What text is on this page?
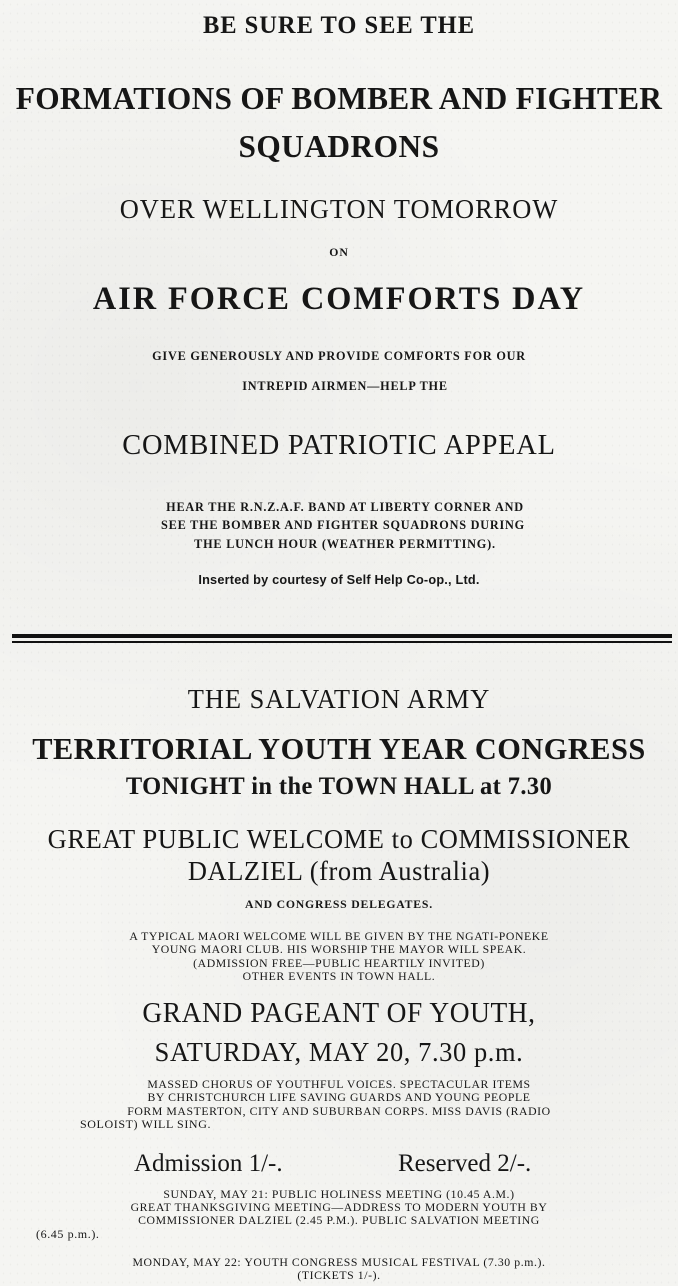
BE SURE TO SEE THE
FORMATIONS OF BOMBER AND FIGHTER
SQUADRONS
OVER WELLINGTON TOMORROW
ON
AIR FORCE COMFORTS DAY
GIVE GENEROUSLY AND PROVIDE COMFORTS FOR OUR
INTREPID AIRMEN—HELP THE
COMBINED PATRIOTIC APPEAL
HEAR THE R.N.Z.A.F. BAND AT LIBERTY CORNER AND
SEE THE BOMBER AND FIGHTER SQUADRONS DURING
THE LUNCH HOUR (WEATHER PERMITTING).
Inserted by courtesy of Self Help Co-op., Ltd.
THE SALVATION ARMY
TERRITORIAL YOUTH YEAR CONGRESS
TONIGHT in the TOWN HALL at 7.30
GREAT PUBLIC WELCOME to COMMISSIONER
DALZIEL (from Australia)
AND CONGRESS DELEGATES.
A TYPICAL MAORI WELCOME WILL BE GIVEN BY THE NGATI-PONEKE
YOUNG MAORI CLUB. HIS WORSHIP THE MAYOR WILL SPEAK.
(ADMISSION FREE—PUBLIC HEARTILY INVITED)
OTHER EVENTS IN TOWN HALL.
GRAND PAGEANT OF YOUTH,
SATURDAY, MAY 20, 7.30 p.m.
MASSED CHORUS OF YOUTHFUL VOICES. SPECTACULAR ITEMS
BY CHRISTCHURCH LIFE SAVING GUARDS AND YOUNG PEOPLE
FORM MASTERTON, CITY AND SUBURBAN CORPS. MISS DAVIS (RADIO
SOLOIST) WILL SING.
Admission 1/-.	Reserved 2/-.
SUNDAY, MAY 21: PUBLIC HOLINESS MEETING (10.45 A.M.)
GREAT THANKSGIVING MEETING—ADDRESS TO MODERN YOUTH BY
COMMISSIONER DALZIEL (2.45 P.M.). PUBLIC SALVATION MEETING
(6.45 p.m.).
MONDAY, MAY 22: YOUTH CONGRESS MUSICAL FESTIVAL (7.30 p.m.).
(TICKETS 1/-).
